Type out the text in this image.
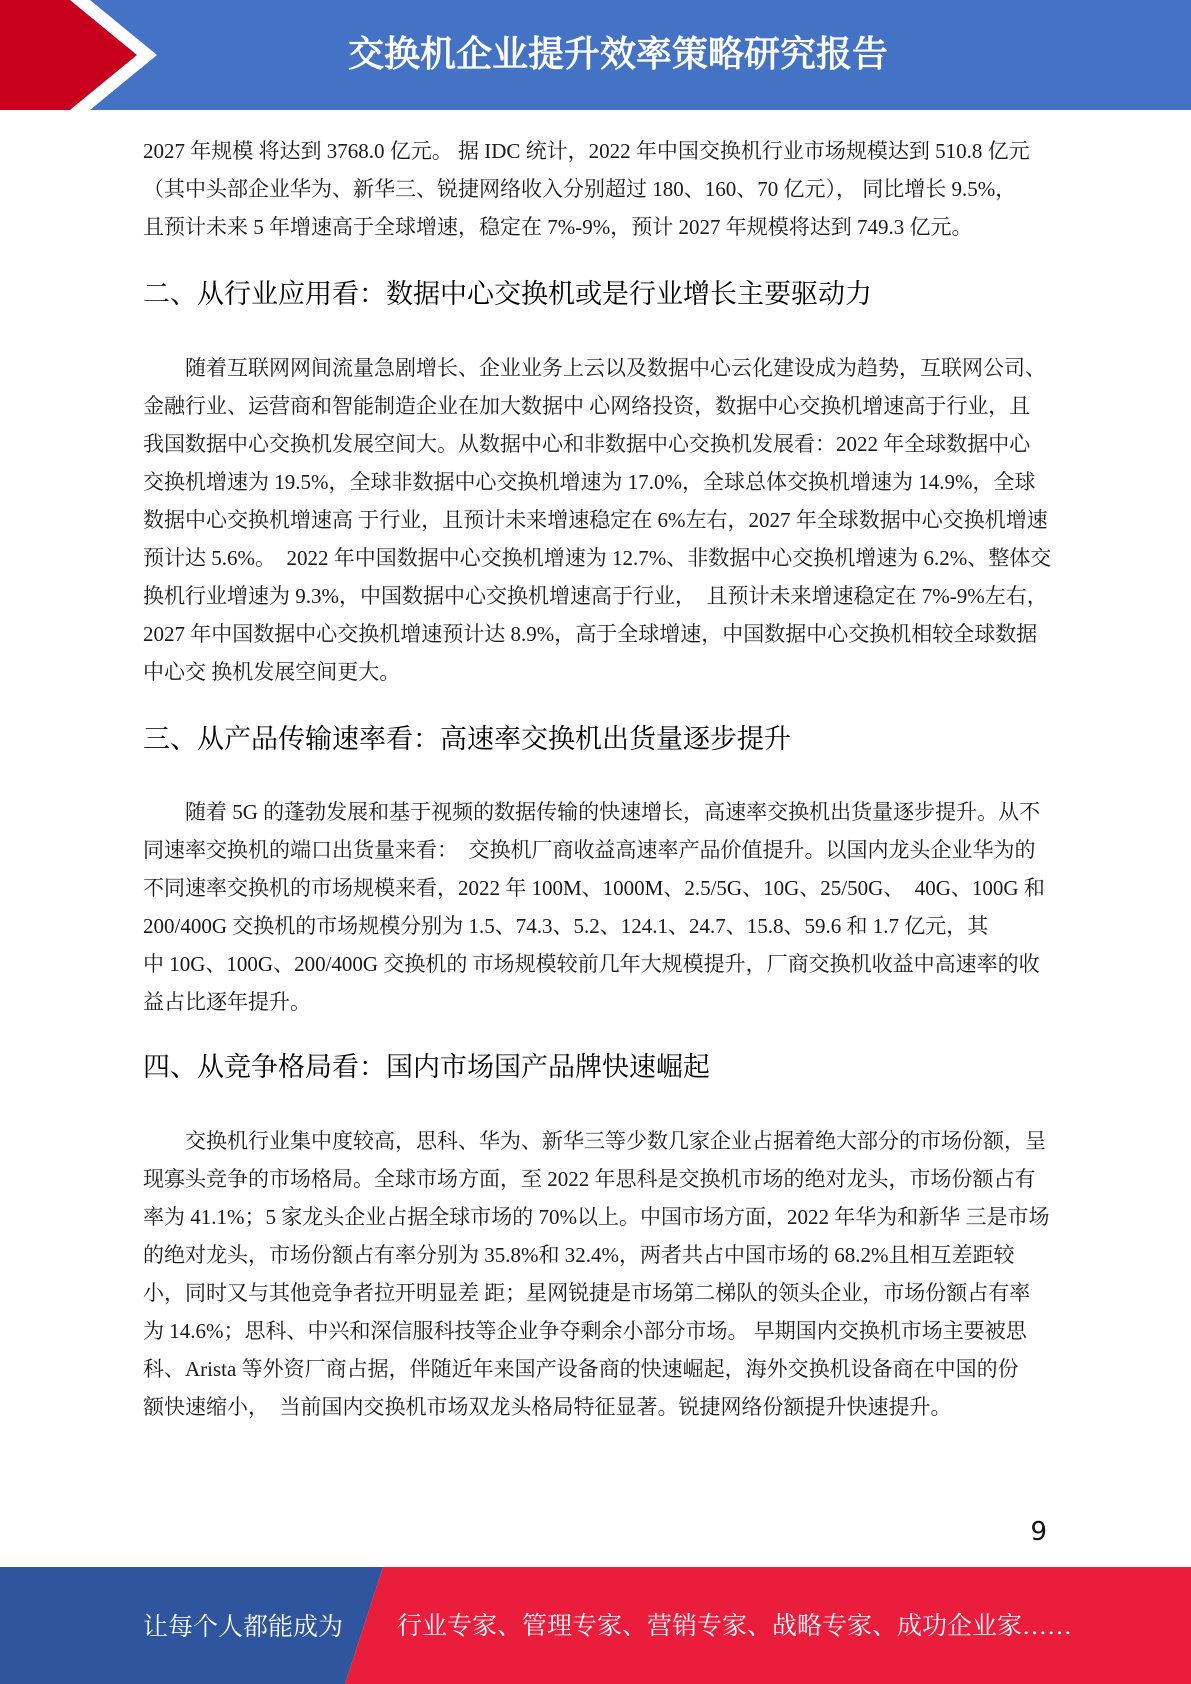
交换机企业提升效率策略研究报告
2027 年规模 将达到 3768.0 亿元。 据 IDC 统计，2022 年中国交换机行业市场规模达到 510.8 亿元
（其中头部企业华为、新华三、锐捷网络收入分别超过 180、160、70 亿元）， 同比增长 9.5%，
且预计未来 5 年增速高于全球增速，稳定在 7%-9%，预计 2027 年规模将达到 749.3 亿元。
二、从行业应用看：数据中心交换机或是行业增长主要驱动力
随着互联网网间流量急剧增长、企业业务上云以及数据中心云化建设成为趋势，互联网公司、
金融行业、运营商和智能制造企业在加大数据中 心网络投资，数据中心交换机增速高于行业，且
我国数据中心交换机发展空间大。从数据中心和非数据中心交换机发展看：2022 年全球数据中心
交换机增速为 19.5%，全球非数据中心交换机增速为 17.0%，全球总体交换机增速为 14.9%，全球
数据中心交换机增速高 于行业，且预计未来增速稳定在 6%左右，2027 年全球数据中心交换机增速
预计达 5.6%。  2022 年中国数据中心交换机增速为 12.7%、非数据中心交换机增速为 6.2%、整体交
换机行业增速为 9.3%，中国数据中心交换机增速高于行业，  且预计未来增速稳定在 7%-9%左右，
2027 年中国数据中心交换机增速预计达 8.9%，高于全球增速，中国数据中心交换机相较全球数据
中心交 换机发展空间更大。
三、从产品传输速率看：高速率交换机出货量逐步提升
随着 5G 的蓬勃发展和基于视频的数据传输的快速增长，高速率交换机出货量逐步提升。从不
同速率交换机的端口出货量来看：  交换机厂商收益高速率产品价值提升。以国内龙头企业华为的
不同速率交换机的市场规模来看，2022 年 100M、1000M、2.5/5G、10G、25/50G、  40G、100G 和
200/400G 交换机的市场规模分别为 1.5、74.3、5.2、124.1、24.7、15.8、59.6 和 1.7 亿元，其
中 10G、100G、200/400G 交换机的 市场规模较前几年大规模提升，厂商交换机收益中高速率的收
益占比逐年提升。
四、从竞争格局看：国内市场国产品牌快速崛起
交换机行业集中度较高，思科、华为、新华三等少数几家企业占据着绝大部分的市场份额，呈
现寡头竞争的市场格局。全球市场方面，至 2022 年思科是交换机市场的绝对龙头，市场份额占有
率为 41.1%；5 家龙头企业占据全球市场的 70%以上。中国市场方面，2022 年华为和新华 三是市场
的绝对龙头，市场份额占有率分别为 35.8%和 32.4%，两者共占中国市场的 68.2%且相互差距较
小，同时又与其他竞争者拉开明显差 距；星网锐捷是市场第二梯队的领头企业，市场份额占有率
为 14.6%；思科、中兴和深信服科技等企业争夺剩余小部分市场。 早期国内交换机市场主要被思
科、Arista 等外资厂商占据，伴随近年来国产设备商的快速崛起，海外交换机设备商在中国的份
额快速缩小，  当前国内交换机市场双龙头格局特征显著。锐捷网络份额提升快速提升。
9
让每个人都能成为 行业专家、管理专家、营销专家、战略专家、成功企业家……
